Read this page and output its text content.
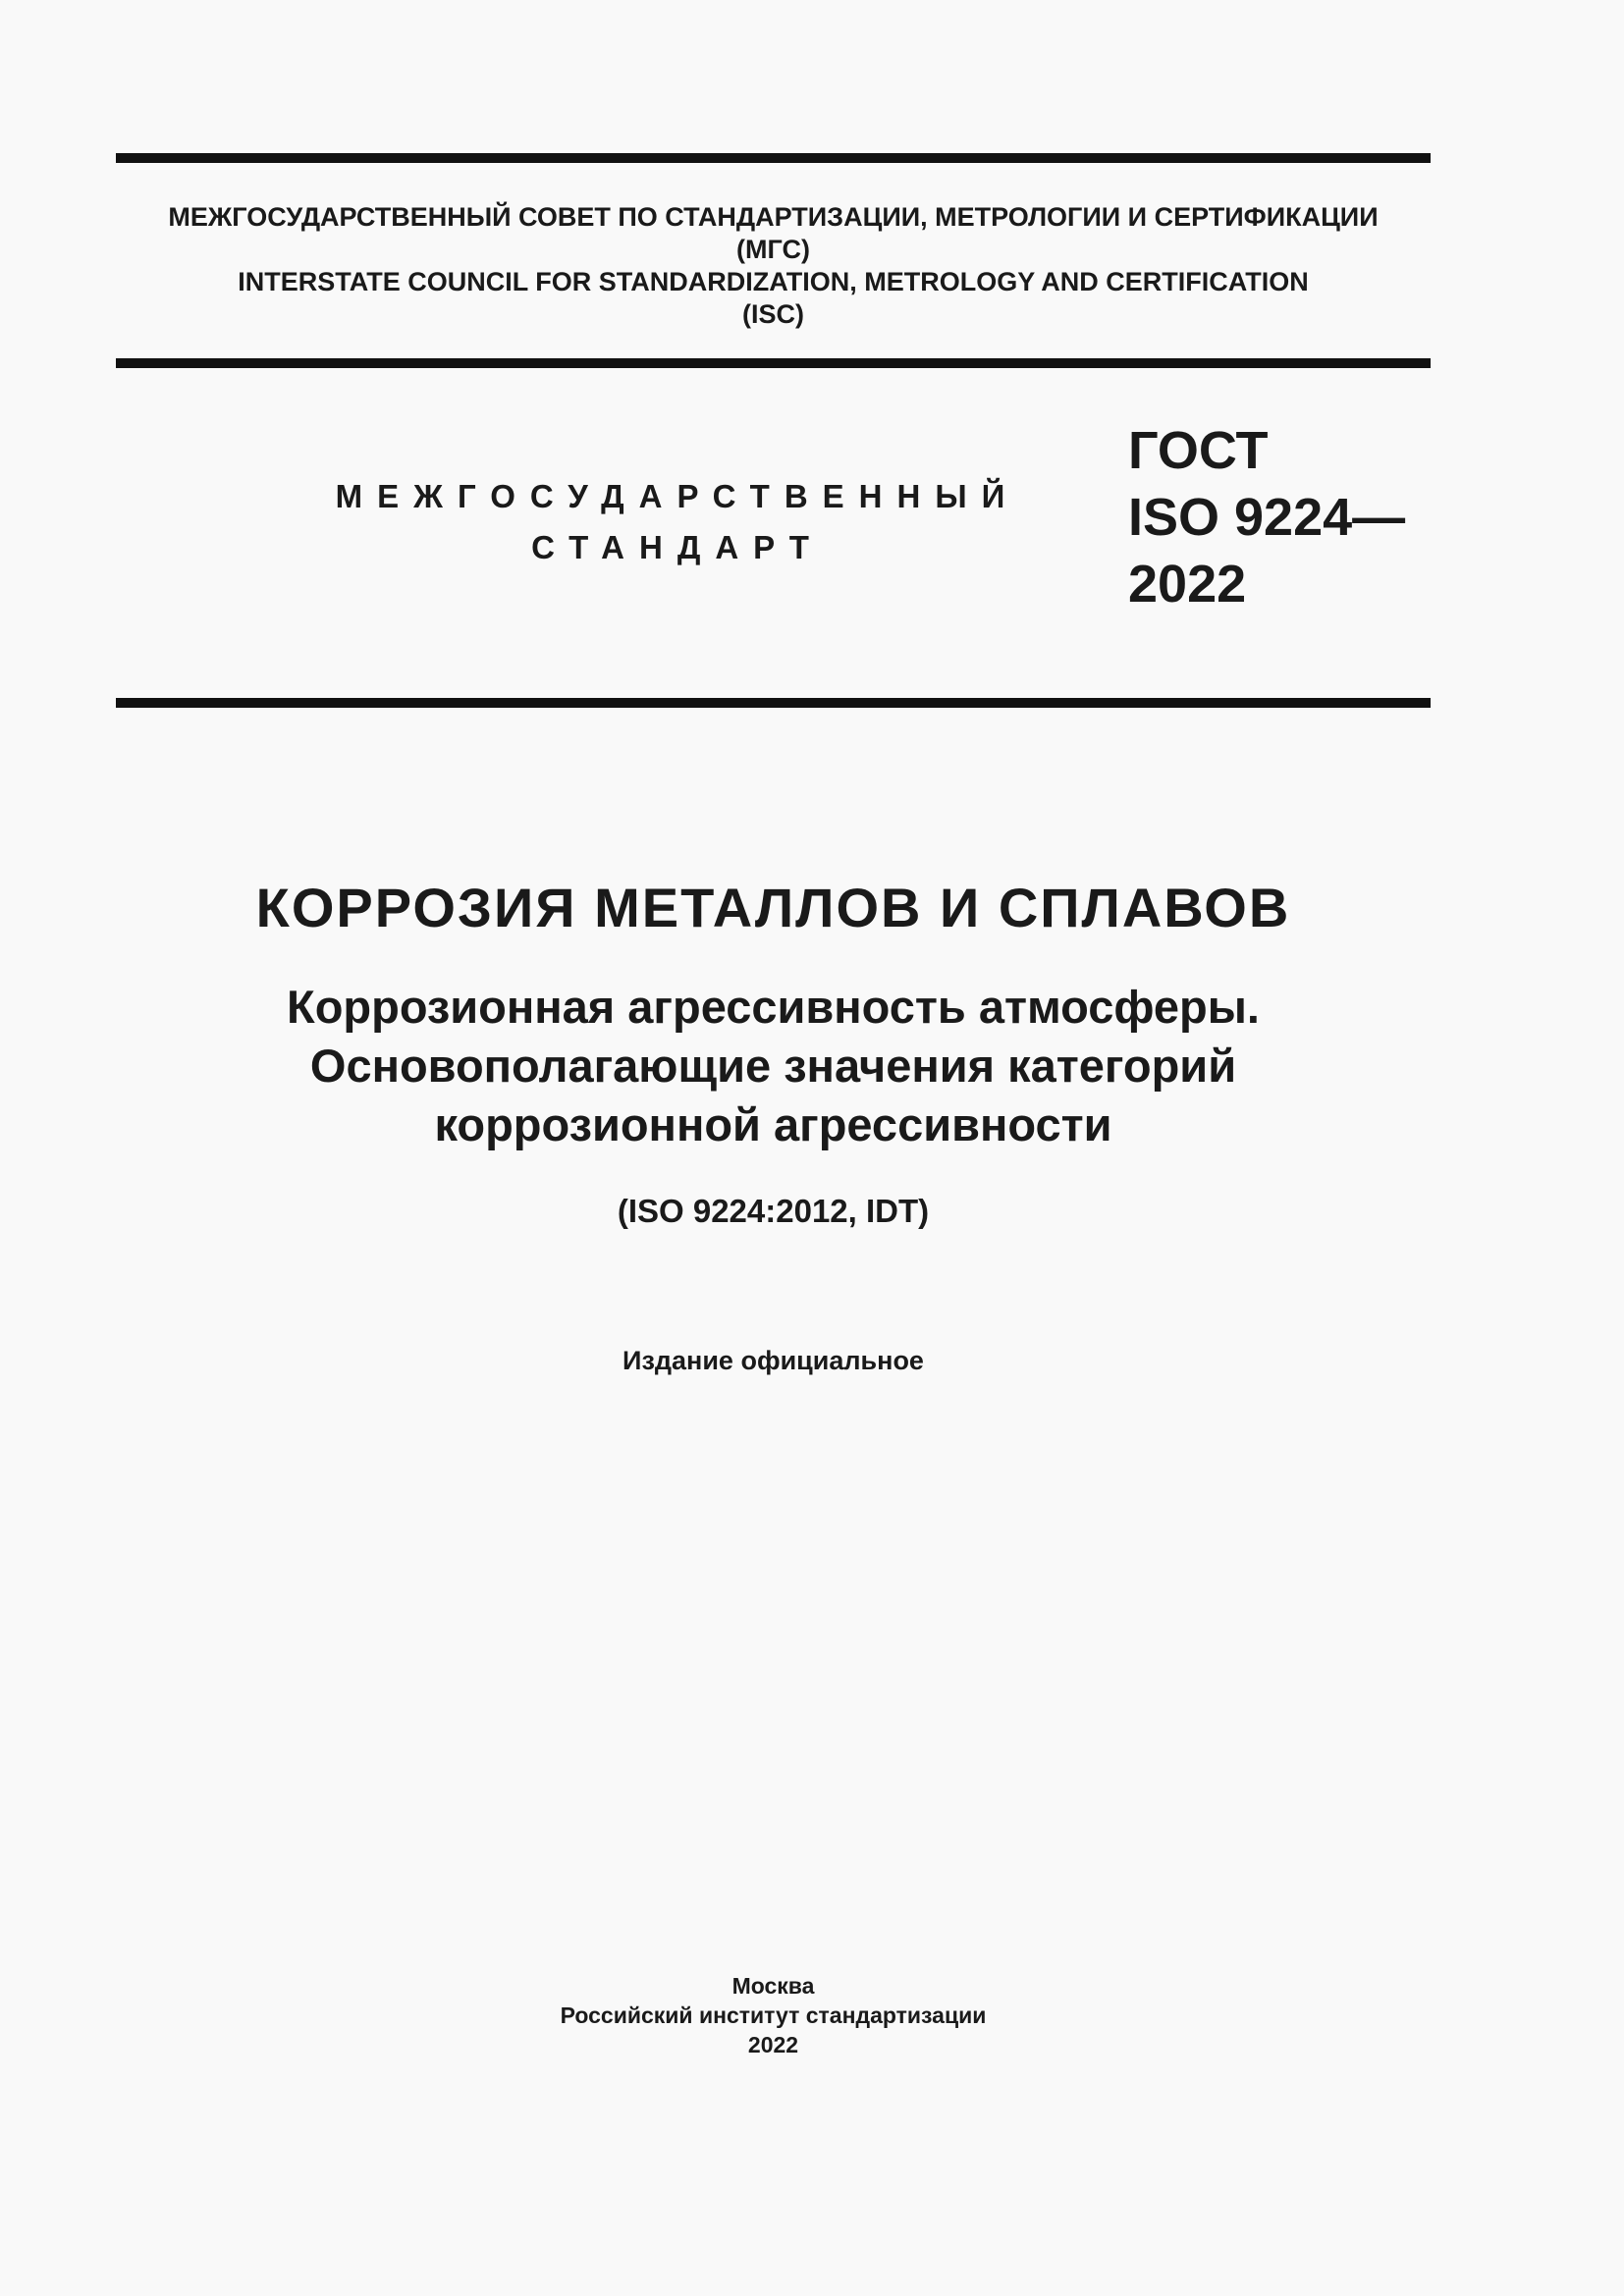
МЕЖГОСУДАРСТВЕННЫЙ СОВЕТ ПО СТАНДАРТИЗАЦИИ, МЕТРОЛОГИИ И СЕРТИФИКАЦИИ
(МГС)
INTERSTATE COUNCIL FOR STANDARDIZATION, METROLOGY AND CERTIFICATION
(ISC)
МЕЖГОСУДАРСТВЕННЫЙ
СТАНДАРТ
ГОСТ
ISO 9224—
2022
КОРРОЗИЯ МЕТАЛЛОВ И СПЛАВОВ
Коррозионная агрессивность атмосферы.
Основополагающие значения категорий
коррозионной агрессивности
(ISO 9224:2012, IDT)
Издание официальное
Москва
Российский институт стандартизации
2022
